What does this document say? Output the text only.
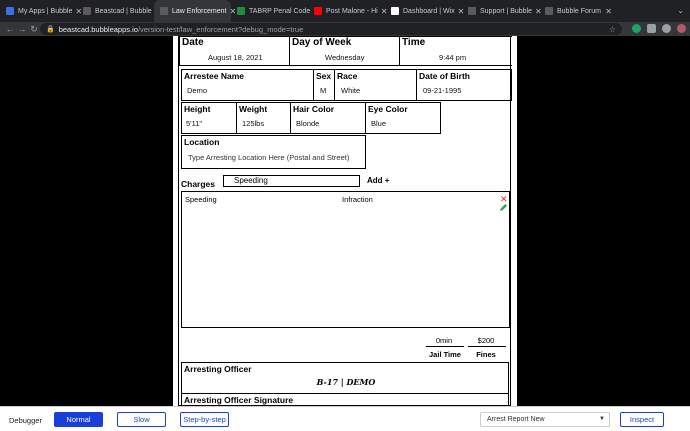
My Apps | Bubble ✕ Beastcad | Bubble	Law Enforcement ✕ TABRP Penal Code Post Malone - Hi ✕ Dashboard | Wix ✕ Support | Bubble ✕ Bubble Forum ✕	⌄
← → ↻	🔒 beastcad.bubbleapps.io /version-test/law_enforcement?debug_mode=true	☆
Date
August 18, 2021
Day of Week
Wednesday
Time
9:44 pm
Arrestee Name
Demo
Sex
M
Race
White
Date of Birth
09-21-1995
Height
5'11"
Weight
125lbs
Hair Color
Blonde
Eye Color
Blue
Location
Type Arresting Location Here (Postal and Street)
Charges	Speeding	Add +
Speeding	Infraction	✕
0min
Jail Time
$200
Fines
Arresting Officer
B-17 | DEMO
Arresting Officer Signature
Debugger	Normal	Slow	Step-by-step	Arrest Report New	▼	Inspect
